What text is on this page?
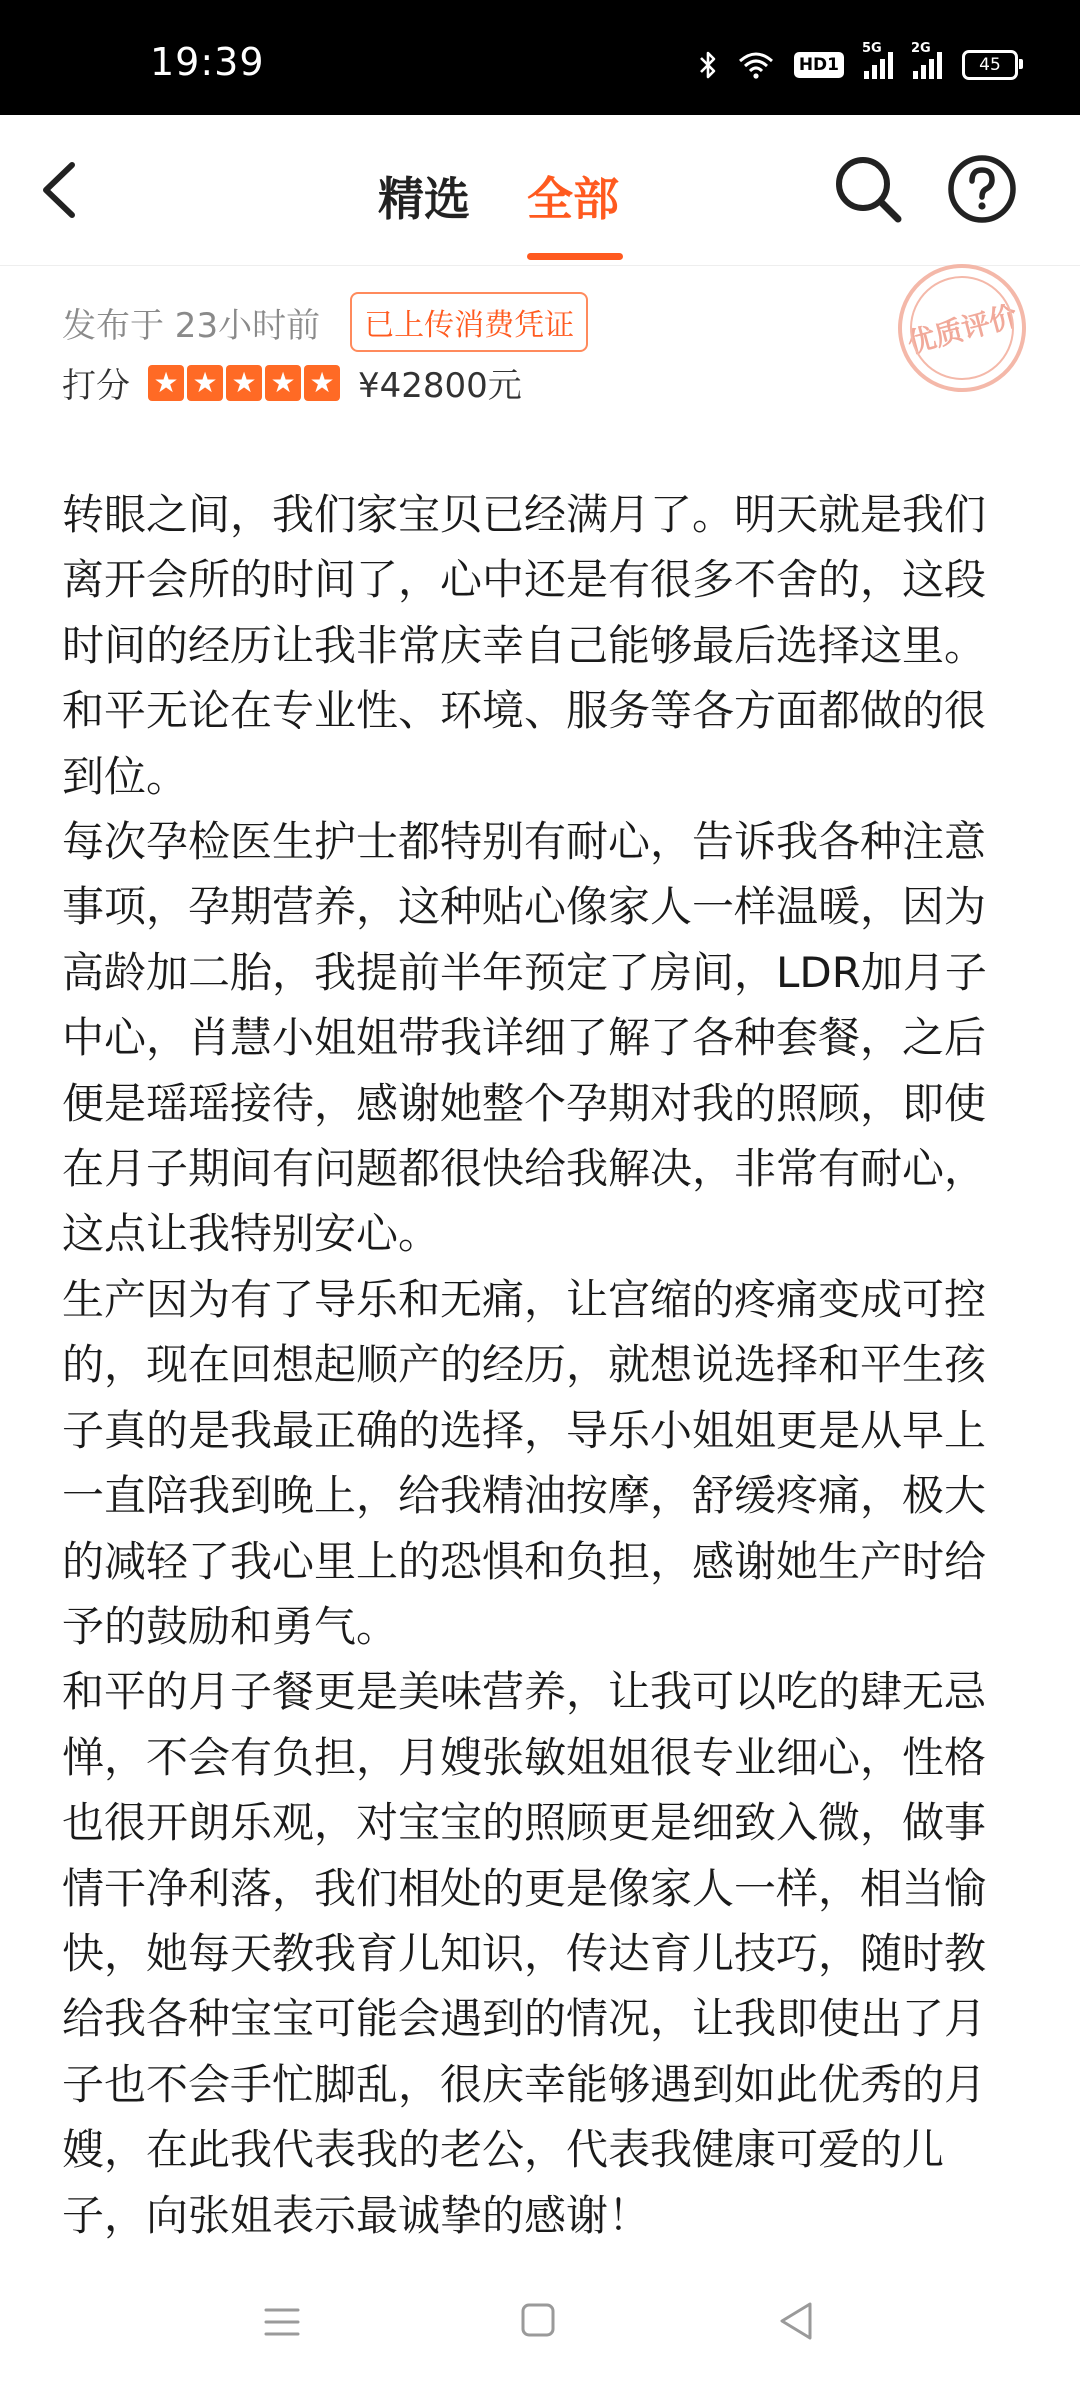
19:39	HD1
5G 2G
45
精选 全部
发布于 23小时前	已上传消费凭证	优质评价
打分 ★ ★ ★ ★ ★ ¥42800元

转眼之间，我们家宝贝已经满月了。明天就是我们离开会所的时间了，心中还是有很多不舍的，这段时间的经历让我非常庆幸自己能够最后选择这里。和平无论在专业性、环境、服务等各方面都做的很到位。

每次孕检医生护士都特别有耐心，告诉我各种注意事项，孕期营养，这种贴心像家人一样温暖，因为高龄加二胎，我提前半年预定了房间，LDR加月子中心，肖慧小姐姐带我详细了解了各种套餐，之后便是瑶瑶接待，感谢她整个孕期对我的照顾，即使在月子期间有问题都很快给我解决，非常有耐心，这点让我特别安心。

生产因为有了导乐和无痛，让宫缩的疼痛变成可控的，现在回想起顺产的经历，就想说选择和平生孩子真的是我最正确的选择，导乐小姐姐更是从早上一直陪我到晚上，给我精油按摩，舒缓疼痛，极大的减轻了我心里上的恐惧和负担，感谢她生产时给予的鼓励和勇气。

和平的月子餐更是美味营养，让我可以吃的肆无忌惮，不会有负担，月嫂张敏姐姐很专业细心，性格也很开朗乐观，对宝宝的照顾更是细致入微，做事情干净利落，我们相处的更是像家人一样，相当愉快，她每天教我育儿知识，传达育儿技巧，随时教给我各种宝宝可能会遇到的情况，让我即使出了月子也不会手忙脚乱，很庆幸能够遇到如此优秀的月嫂，在此我代表我的老公，代表我健康可爱的儿子，向张姐表示最诚挚的感谢！
